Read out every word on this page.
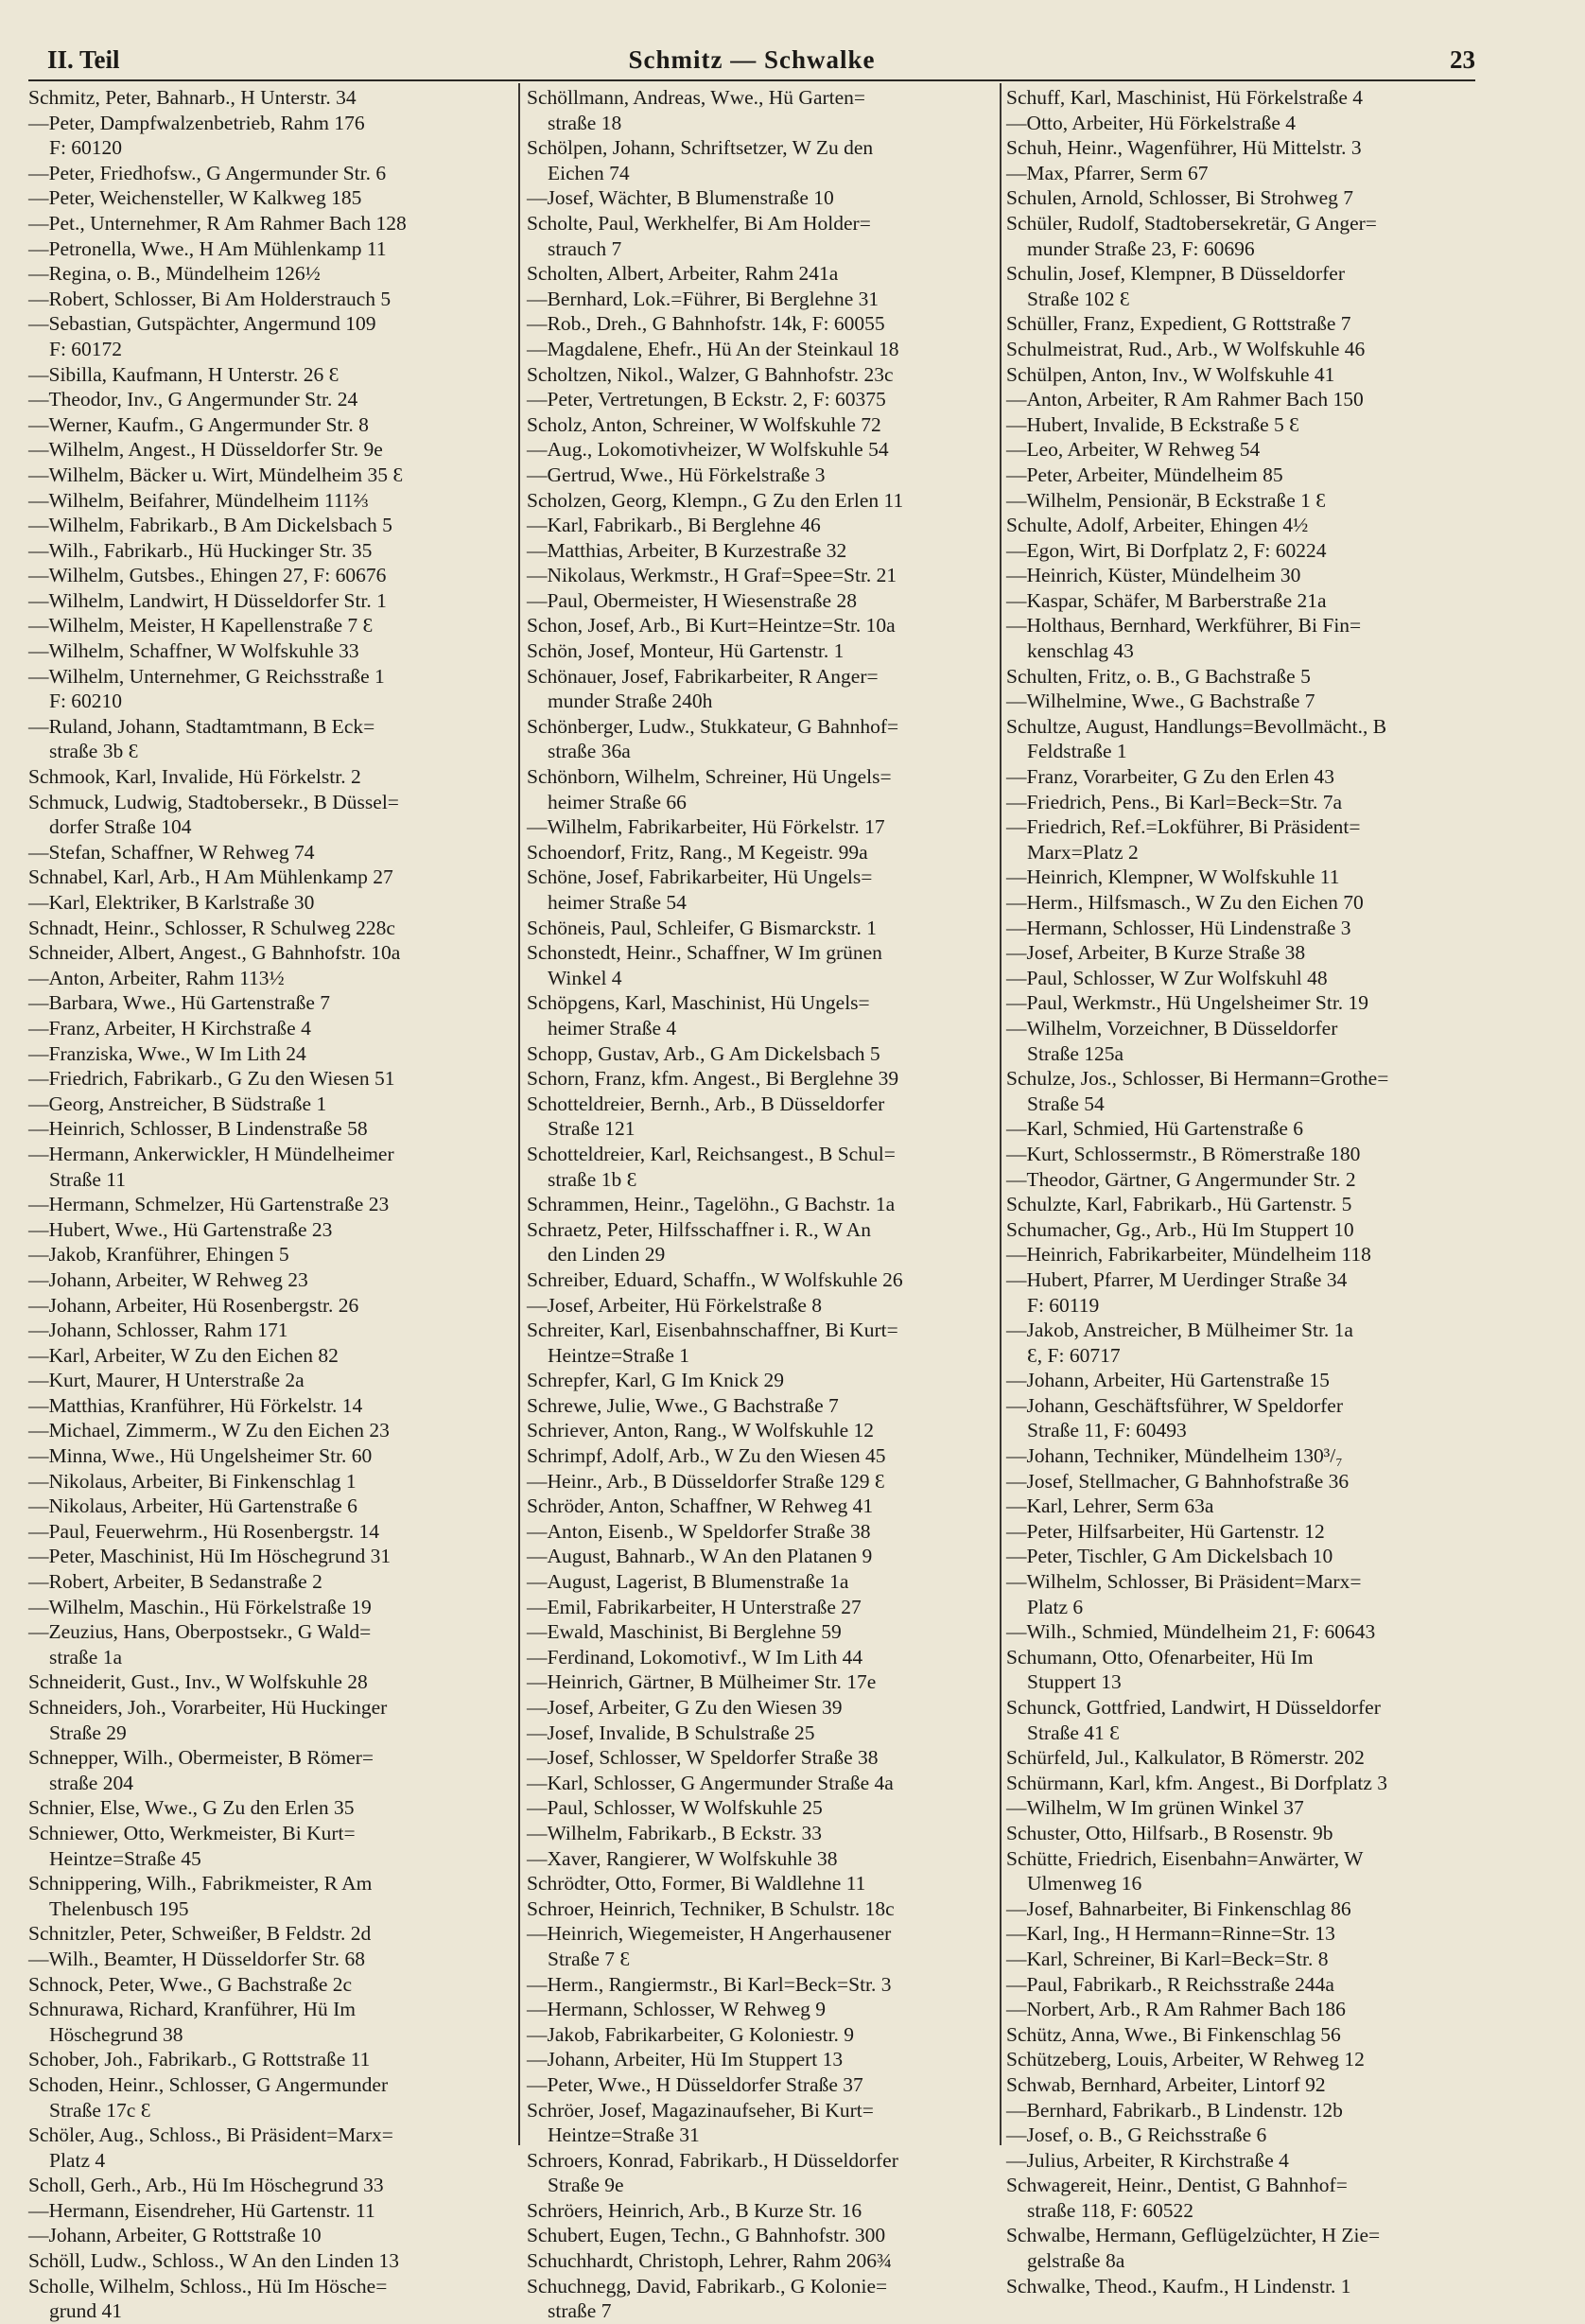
II. Teil	Schmitz — Schwalke	23
Schmitz, Peter, Bahnarb., H Unterstr. 34
—Peter, Dampfwalzenbetrieb, Rahm 176
F: 60120
—Peter, Friedhofsw., G Angermunder Str. 6
—Peter, Weichensteller, W Kalkweg 185
—Pet., Unternehmer, R Am Rahmer Bach 128
—Petronella, Wwe., H Am Mühlenkamp 11
—Regina, o. B., Mündelheim 126½
—Robert, Schlosser, Bi Am Holderstrauch 5
—Sebastian, Gutspächter, Angermund 109
F: 60172
—Sibilla, Kaufmann, H Unterstr. 26 Ɛ
—Theodor, Inv., G Angermunder Str. 24
—Werner, Kaufm., G Angermunder Str. 8
—Wilhelm, Angest., H Düsseldorfer Str. 9e
—Wilhelm, Bäcker u. Wirt, Mündelheim 35 Ɛ
—Wilhelm, Beifahrer, Mündelheim 111⅔
—Wilhelm, Fabrikarb., B Am Dickelsbach 5
—Wilh., Fabrikarb., Hü Huckinger Str. 35
—Wilhelm, Gutsbes., Ehingen 27, F: 60676
—Wilhelm, Landwirt, H Düsseldorfer Str. 1
—Wilhelm, Meister, H Kapellenstraße 7 Ɛ
—Wilhelm, Schaffner, W Wolfskuhle 33
—Wilhelm, Unternehmer, G Reichsstraße 1
F: 60210
—Ruland, Johann, Stadtamtmann, B Eck=
straße 3b Ɛ
Schmook, Karl, Invalide, Hü Förkelstr. 2
Schmuck, Ludwig, Stadtobersekr., B Düssel=
dorfer Straße 104
—Stefan, Schaffner, W Rehweg 74
Schnabel, Karl, Arb., H Am Mühlenkamp 27
—Karl, Elektriker, B Karlstraße 30
Schnadt, Heinr., Schlosser, R Schulweg 228c
Schneider, Albert, Angest., G Bahnhofstr. 10a
—Anton, Arbeiter, Rahm 113½
—Barbara, Wwe., Hü Gartenstraße 7
—Franz, Arbeiter, H Kirchstraße 4
—Franziska, Wwe., W Im Lith 24
—Friedrich, Fabrikarb., G Zu den Wiesen 51
—Georg, Anstreicher, B Südstraße 1
—Heinrich, Schlosser, B Lindenstraße 58
—Hermann, Ankerwickler, H Mündelheimer
Straße 11
—Hermann, Schmelzer, Hü Gartenstraße 23
—Hubert, Wwe., Hü Gartenstraße 23
—Jakob, Kranführer, Ehingen 5
—Johann, Arbeiter, W Rehweg 23
—Johann, Arbeiter, Hü Rosenbergstr. 26
—Johann, Schlosser, Rahm 171
—Karl, Arbeiter, W Zu den Eichen 82
—Kurt, Maurer, H Unterstraße 2a
—Matthias, Kranführer, Hü Förkelstr. 14
—Michael, Zimmerm., W Zu den Eichen 23
—Minna, Wwe., Hü Ungelsheimer Str. 60
—Nikolaus, Arbeiter, Bi Finkenschlag 1
—Nikolaus, Arbeiter, Hü Gartenstraße 6
—Paul, Feuerwehrm., Hü Rosenbergstr. 14
—Peter, Maschinist, Hü Im Höschegrund 31
—Robert, Arbeiter, B Sedanstraße 2
—Wilhelm, Maschin., Hü Förkelstraße 19
—Zeuzius, Hans, Oberpostsekr., G Wald=
straße 1a
Schneiderit, Gust., Inv., W Wolfskuhle 28
Schneiders, Joh., Vorarbeiter, Hü Huckinger
Straße 29
Schnepper, Wilh., Obermeister, B Römer=
straße 204
Schnier, Else, Wwe., G Zu den Erlen 35
Schniewer, Otto, Werkmeister, Bi Kurt=
Heintze=Straße 45
Schnippering, Wilh., Fabrikmeister, R Am
Thelenbusch 195
Schnitzler, Peter, Schweißer, B Feldstr. 2d
—Wilh., Beamter, H Düsseldorfer Str. 68
Schnock, Peter, Wwe., G Bachstraße 2c
Schnurawa, Richard, Kranführer, Hü Im
Höschegrund 38
Schober, Joh., Fabrikarb., G Rottstraße 11
Schoden, Heinr., Schlosser, G Angermunder
Straße 17c Ɛ
Schöler, Aug., Schloss., Bi Präsident=Marx=
Platz 4
Scholl, Gerh., Arb., Hü Im Höschegrund 33
—Hermann, Eisendreher, Hü Gartenstr. 11
—Johann, Arbeiter, G Rottstraße 10
Schöll, Ludw., Schloss., W An den Linden 13
Scholle, Wilhelm, Schloss., Hü Im Hösche=
grund 41
Schöllmann, Andreas, Wwe., Hü Garten=
straße 18
Schölpen, Johann, Schriftsetzer, W Zu den
Eichen 74
—Josef, Wächter, B Blumenstraße 10
Scholte, Paul, Werkhelfer, Bi Am Holder=
strauch 7
Scholten, Albert, Arbeiter, Rahm 241a
—Bernhard, Lok.=Führer, Bi Berglehne 31
—Rob., Dreh., G Bahnhofstr. 14k, F: 60055
—Magdalene, Ehefr., Hü An der Steinkaul 18
Scholtzen, Nikol., Walzer, G Bahnhofstr. 23c
—Peter, Vertretungen, B Eckstr. 2, F: 60375
Scholz, Anton, Schreiner, W Wolfskuhle 72
—Aug., Lokomotivheizer, W Wolfskuhle 54
—Gertrud, Wwe., Hü Förkelstraße 3
Scholzen, Georg, Klempn., G Zu den Erlen 11
—Karl, Fabrikarb., Bi Berglehne 46
—Matthias, Arbeiter, B Kurzestraße 32
—Nikolaus, Werkmstr., H Graf=Spee=Str. 21
—Paul, Obermeister, H Wiesenstraße 28
Schon, Josef, Arb., Bi Kurt=Heintze=Str. 10a
Schön, Josef, Monteur, Hü Gartenstr. 1
Schönauer, Josef, Fabrikarbeiter, R Anger=
munder Straße 240h
Schönberger, Ludw., Stukkateur, G Bahnhof=
straße 36a
Schönborn, Wilhelm, Schreiner, Hü Ungels=
heimer Straße 66
—Wilhelm, Fabrikarbeiter, Hü Förkelstr. 17
Schoendorf, Fritz, Rang., M Kegeistr. 99a
Schöne, Josef, Fabrikarbeiter, Hü Ungels=
heimer Straße 54
Schöneis, Paul, Schleifer, G Bismarckstr. 1
Schonstedt, Heinr., Schaffner, W Im grünen
Winkel 4
Schöpgens, Karl, Maschinist, Hü Ungels=
heimer Straße 4
Schopp, Gustav, Arb., G Am Dickelsbach 5
Schorn, Franz, kfm. Angest., Bi Berglehne 39
Schotteldreier, Bernh., Arb., B Düsseldorfer
Straße 121
Schotteldreier, Karl, Reichsangest., B Schul=
straße 1b Ɛ
Schrammen, Heinr., Tagelöhn., G Bachstr. 1a
Schraetz, Peter, Hilfsschaffner i. R., W An
den Linden 29
Schreiber, Eduard, Schaffn., W Wolfskuhle 26
—Josef, Arbeiter, Hü Förkelstraße 8
Schreiter, Karl, Eisenbahnschaffner, Bi Kurt=
Heintze=Straße 1
Schrepfer, Karl, G Im Knick 29
Schrewe, Julie, Wwe., G Bachstraße 7
Schriever, Anton, Rang., W Wolfskuhle 12
Schrimpf, Adolf, Arb., W Zu den Wiesen 45
—Heinr., Arb., B Düsseldorfer Straße 129 Ɛ
Schröder, Anton, Schaffner, W Rehweg 41
—Anton, Eisenb., W Speldorfer Straße 38
—August, Bahnarb., W An den Platanen 9
—August, Lagerist, B Blumenstraße 1a
—Emil, Fabrikarbeiter, H Unterstraße 27
—Ewald, Maschinist, Bi Berglehne 59
—Ferdinand, Lokomotivf., W Im Lith 44
—Heinrich, Gärtner, B Mülheimer Str. 17e
—Josef, Arbeiter, G Zu den Wiesen 39
—Josef, Invalide, B Schulstraße 25
—Josef, Schlosser, W Speldorfer Straße 38
—Karl, Schlosser, G Angermunder Straße 4a
—Paul, Schlosser, W Wolfskuhle 25
—Wilhelm, Fabrikarb., B Eckstr. 33
—Xaver, Rangierer, W Wolfskuhle 38
Schrödter, Otto, Former, Bi Waldlehne 11
Schroer, Heinrich, Techniker, B Schulstr. 18c
—Heinrich, Wiegemeister, H Angerhausener
Straße 7 Ɛ
—Herm., Rangiermstr., Bi Karl=Beck=Str. 3
—Hermann, Schlosser, W Rehweg 9
—Jakob, Fabrikarbeiter, G Koloniestr. 9
—Johann, Arbeiter, Hü Im Stuppert 13
—Peter, Wwe., H Düsseldorfer Straße 37
Schröer, Josef, Magazinaufseher, Bi Kurt=
Heintze=Straße 31
Schroers, Konrad, Fabrikarb., H Düsseldorfer
Straße 9e
Schröers, Heinrich, Arb., B Kurze Str. 16
Schubert, Eugen, Techn., G Bahnhofstr. 300
Schuchhardt, Christoph, Lehrer, Rahm 206¾
Schuchnegg, David, Fabrikarb., G Kolonie=
straße 7
Schuff, Karl, Maschinist, Hü Förkelstraße 4
—Otto, Arbeiter, Hü Förkelstraße 4
Schuh, Heinr., Wagenführer, Hü Mittelstr. 3
—Max, Pfarrer, Serm 67
Schulen, Arnold, Schlosser, Bi Strohweg 7
Schüler, Rudolf, Stadtobersekretär, G Anger=
munder Straße 23, F: 60696
Schulin, Josef, Klempner, B Düsseldorfer
Straße 102 Ɛ
Schüller, Franz, Expedient, G Rottstraße 7
Schulmeistrat, Rud., Arb., W Wolfskuhle 46
Schülpen, Anton, Inv., W Wolfskuhle 41
—Anton, Arbeiter, R Am Rahmer Bach 150
—Hubert, Invalide, B Eckstraße 5 Ɛ
—Leo, Arbeiter, W Rehweg 54
—Peter, Arbeiter, Mündelheim 85
—Wilhelm, Pensionär, B Eckstraße 1 Ɛ
Schulte, Adolf, Arbeiter, Ehingen 4½
—Egon, Wirt, Bi Dorfplatz 2, F: 60224
—Heinrich, Küster, Mündelheim 30
—Kaspar, Schäfer, M Barberstraße 21a
—Holthaus, Bernhard, Werkführer, Bi Fin=
kenschlag 43
Schulten, Fritz, o. B., G Bachstraße 5
—Wilhelmine, Wwe., G Bachstraße 7
Schultze, August, Handlungs=Bevollmächt., B
Feldstraße 1
—Franz, Vorarbeiter, G Zu den Erlen 43
—Friedrich, Pens., Bi Karl=Beck=Str. 7a
—Friedrich, Ref.=Lokführer, Bi Präsident=
Marx=Platz 2
—Heinrich, Klempner, W Wolfskuhle 11
—Herm., Hilfsmasch., W Zu den Eichen 70
—Hermann, Schlosser, Hü Lindenstraße 3
—Josef, Arbeiter, B Kurze Straße 38
—Paul, Schlosser, W Zur Wolfskuhl 48
—Paul, Werkmstr., Hü Ungelsheimer Str. 19
—Wilhelm, Vorzeichner, B Düsseldorfer
Straße 125a
Schulze, Jos., Schlosser, Bi Hermann=Grothe=
Straße 54
—Karl, Schmied, Hü Gartenstraße 6
—Kurt, Schlossermstr., B Römerstraße 180
—Theodor, Gärtner, G Angermunder Str. 2
Schulzte, Karl, Fabrikarb., Hü Gartenstr. 5
Schumacher, Gg., Arb., Hü Im Stuppert 10
—Heinrich, Fabrikarbeiter, Mündelheim 118
—Hubert, Pfarrer, M Uerdinger Straße 34
F: 60119
—Jakob, Anstreicher, B Mülheimer Str. 1a
Ɛ, F: 60717
—Johann, Arbeiter, Hü Gartenstraße 15
—Johann, Geschäftsführer, W Speldorfer
Straße 11, F: 60493
—Johann, Techniker, Mündelheim 130³/₇
—Josef, Stellmacher, G Bahnhofstraße 36
—Karl, Lehrer, Serm 63a
—Peter, Hilfsarbeiter, Hü Gartenstr. 12
—Peter, Tischler, G Am Dickelsbach 10
—Wilhelm, Schlosser, Bi Präsident=Marx=
Platz 6
—Wilh., Schmied, Mündelheim 21, F: 60643
Schumann, Otto, Ofenarbeiter, Hü Im
Stuppert 13
Schunck, Gottfried, Landwirt, H Düsseldorfer
Straße 41 Ɛ
Schürfeld, Jul., Kalkulator, B Römerstr. 202
Schürmann, Karl, kfm. Angest., Bi Dorfplatz 3
—Wilhelm, W Im grünen Winkel 37
Schuster, Otto, Hilfsarb., B Rosenstr. 9b
Schütte, Friedrich, Eisenbahn=Anwärter, W
Ulmenweg 16
—Josef, Bahnarbeiter, Bi Finkenschlag 86
—Karl, Ing., H Hermann=Rinne=Str. 13
—Karl, Schreiner, Bi Karl=Beck=Str. 8
—Paul, Fabrikarb., R Reichsstraße 244a
—Norbert, Arb., R Am Rahmer Bach 186
Schütz, Anna, Wwe., Bi Finkenschlag 56
Schützeberg, Louis, Arbeiter, W Rehweg 12
Schwab, Bernhard, Arbeiter, Lintorf 92
—Bernhard, Fabrikarb., B Lindenstr. 12b
—Josef, o. B., G Reichsstraße 6
—Julius, Arbeiter, R Kirchstraße 4
Schwagereit, Heinr., Dentist, G Bahnhof=
straße 118, F: 60522
Schwalbe, Hermann, Geflügelzüchter, H Zie=
gelstraße 8a
Schwalke, Theod., Kaufm., H Lindenstr. 1
